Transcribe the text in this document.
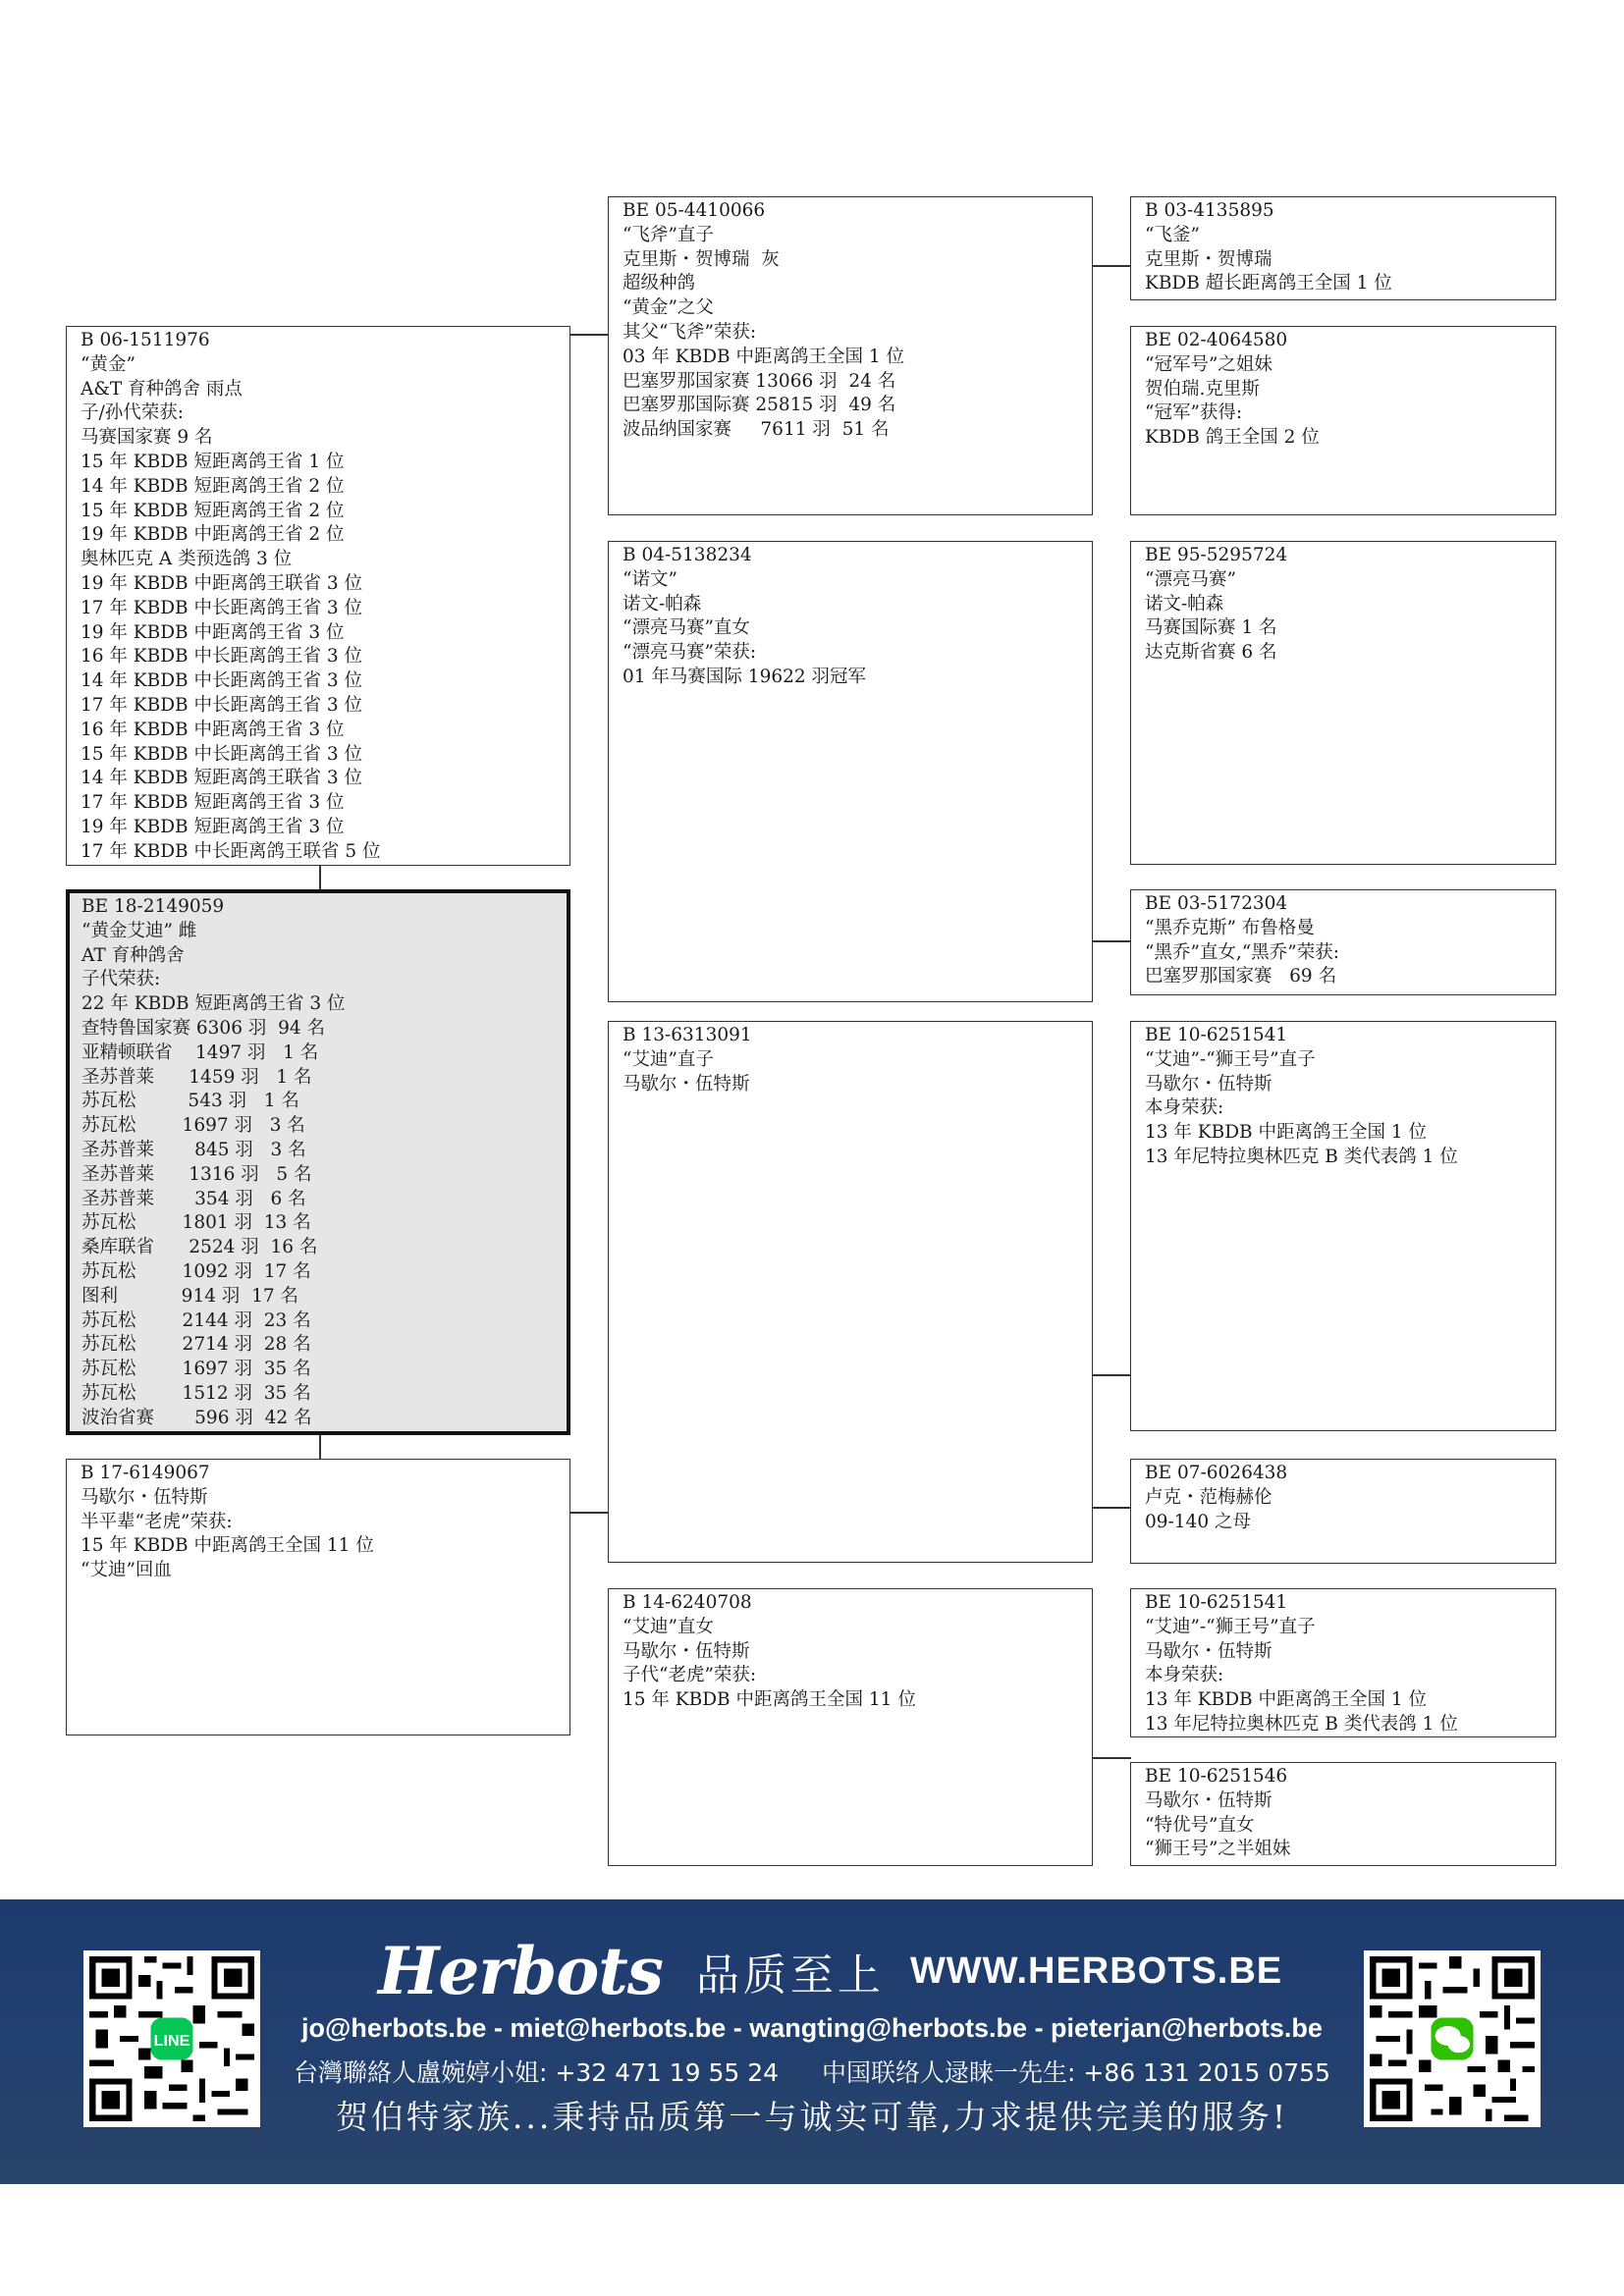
B 06-1511976
“黄金”
A&T 育种鸽舍 雨点
子/孙代荣获:
马赛国家赛 9 名
15 年 KBDB 短距离鸽王省 1 位
14 年 KBDB 短距离鸽王省 2 位
15 年 KBDB 短距离鸽王省 2 位
19 年 KBDB 中距离鸽王省 2 位
奥林匹克 A 类预选鸽 3 位
19 年 KBDB 中距离鸽王联省 3 位
17 年 KBDB 中长距离鸽王省 3 位
19 年 KBDB 中距离鸽王省 3 位
16 年 KBDB 中长距离鸽王省 3 位
14 年 KBDB 中长距离鸽王省 3 位
17 年 KBDB 中长距离鸽王省 3 位
16 年 KBDB 中距离鸽王省 3 位
15 年 KBDB 中长距离鸽王省 3 位
14 年 KBDB 短距离鸽王联省 3 位
17 年 KBDB 短距离鸽王省 3 位
19 年 KBDB 短距离鸽王省 3 位
17 年 KBDB 中长距离鸽王联省 5 位
BE 18-2149059
“黄金艾迪” 雌
AT 育种鸽舍
子代荣获:
22 年 KBDB 短距离鸽王省 3 位
查特鲁国家赛 6306 羽  94 名
亚精顿联省    1497 羽   1 名
圣苏普莱      1459 羽   1 名
苏瓦松         543 羽   1 名
苏瓦松        1697 羽   3 名
圣苏普莱       845 羽   3 名
圣苏普莱      1316 羽   5 名
圣苏普莱       354 羽   6 名
苏瓦松        1801 羽  13 名
桑库联省      2524 羽  16 名
苏瓦松        1092 羽  17 名
图利           914 羽  17 名
苏瓦松        2144 羽  23 名
苏瓦松        2714 羽  28 名
苏瓦松        1697 羽  35 名
苏瓦松        1512 羽  35 名
波治省赛       596 羽  42 名
B 17-6149067
马歇尔・伍特斯
半平辈“老虎”荣获:
15 年 KBDB 中距离鸽王全国 11 位
“艾迪”回血
BE 05-4410066
“飞斧”直子
克里斯・贺博瑞  灰
超级种鸽
“黄金”之父
其父“飞斧”荣获:
03 年 KBDB 中距离鸽王全国 1 位
巴塞罗那国家赛 13066 羽  24 名
巴塞罗那国际赛 25815 羽  49 名
波品纳国家赛     7611 羽  51 名
B 04-5138234
“诺文”
诺文-帕森
“漂亮马赛”直女
“漂亮马赛”荣获:
01 年马赛国际 19622 羽冠军
B 13-6313091
“艾迪”直子
马歇尔・伍特斯
B 14-6240708
“艾迪”直女
马歇尔・伍特斯
子代“老虎”荣获:
15 年 KBDB 中距离鸽王全国 11 位
B 03-4135895
“飞釜”
克里斯・贺博瑞
KBDB 超长距离鸽王全国 1 位
BE 02-4064580
“冠军号”之姐妹
贺伯瑞.克里斯
“冠军”获得:
KBDB 鸽王全国 2 位
BE 95-5295724
“漂亮马赛”
诺文-帕森
马赛国际赛 1 名
达克斯省赛 6 名
BE 03-5172304
“黑乔克斯” 布鲁格曼
“黑乔”直女,“黑乔”荣获:
巴塞罗那国家赛   69 名
BE 10-6251541
“艾迪”-“狮王号”直子
马歇尔・伍特斯
本身荣获:
13 年 KBDB 中距离鸽王全国 1 位
13 年尼特拉奥林匹克 B 类代表鸽 1 位
BE 07-6026438
卢克・范梅赫伦
09-140 之母
BE 10-6251541
“艾迪”-“狮王号”直子
马歇尔・伍特斯
本身荣获:
13 年 KBDB 中距离鸽王全国 1 位
13 年尼特拉奥林匹克 B 类代表鸽 1 位
BE 10-6251546
马歇尔・伍特斯
“特优号”直女
“狮王号”之半姐妹
LINE
Herbots 品质至上 WWW.HERBOTS.BE
jo@herbots.be - miet@herbots.be - wangting@herbots.be - pieterjan@herbots.be
台灣聯絡人盧婉婷小姐: +32 471 19 55 24 中国联络人逯睐一先生: +86 131 2015 0755
贺伯特家族...秉持品质第一与诚实可靠,力求提供完美的服务!
